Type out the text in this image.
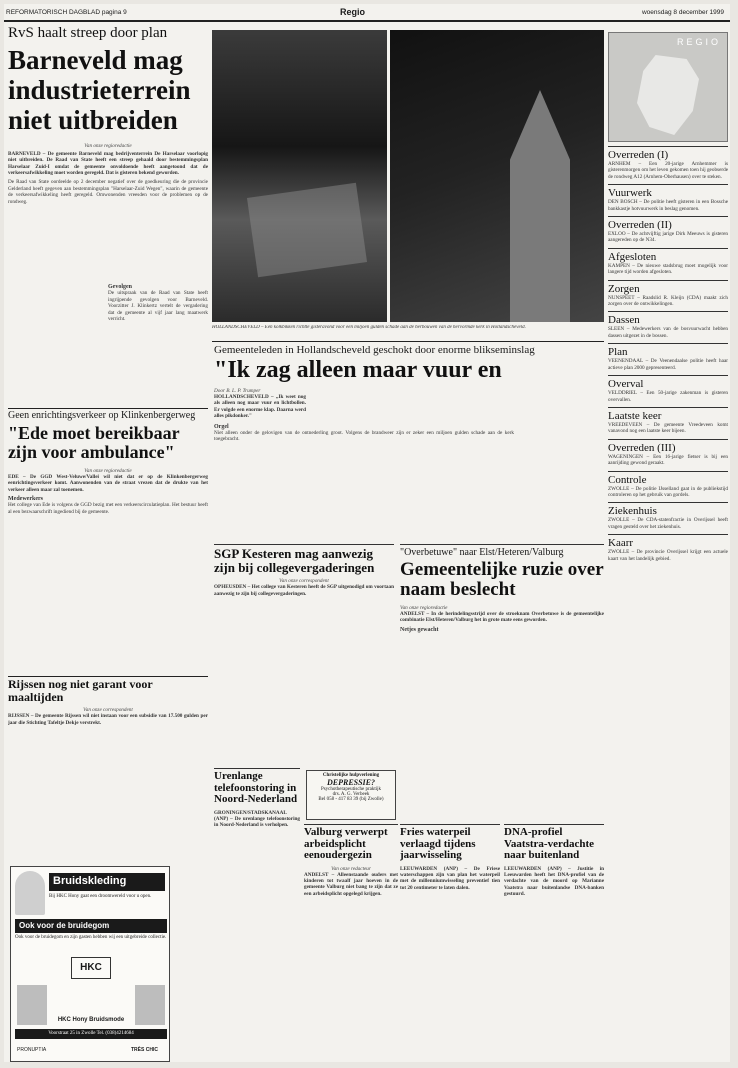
REFORMATORISCH DAGBLAD pagina 9	Regio	woensdag 8 december 1999
RvS haalt streep door plan
Barneveld mag industrieterrein niet uitbreiden
Van onze regioredactie
BARNEVELD – De gemeente Barneveld mag bedrijventerrein De Harselaar voorlopig niet uitbreiden. De Raad van State heeft een streep gehaald door bestemmingsplan Harselaar Zuid-I omdat de gemeente onvoldoende heeft aangetoond dat de verkeersafwikkeling moet worden geregeld. Dat is gisteren bekend geworden.
De Raad van State oordeelde op 2 december negatief over de goedkeuring die de provincie Gelderland heeft gegeven aan bestemmingsplan "Harselaar-Zuid Wegen", waarin de gemeente de verkeersafwikkeling heeft geregeld. Omwonenden vreesden voor de problemen op de rondweg.
Gevolgen
De uitspraak van de Raad van State heeft ingrijpende gevolgen voor Barneveld. Voorzitter J. Klinkertz vertelt de vergadering dat de gemeente al vijf jaar lang maatwerk verricht.
HOLLANDSCHEVELD – Een kolkbikken richtte gisteravond voor een miljoen gulden schade aan de herbouwen van de hervormde kerk in Hollandscheveld.
Gemeenteleden in Hollandscheveld geschokt door enorme blikseminslag
"Ik zag alleen maar vuur en
Door B. L. P. Trumper
HOLLANDSCHEVELD – „Ik weet nog als alleen nog maar vuur en lichtbollen. Er volgde een enorme klap. Daarna werd alles pikdonker."
Orgel
Niet alleen onder de gelovigen van de ontnederling groot. Volgens de brandweer zijn er zeker een miljoen gulden schade aan de kerk toegebracht.
Geen enrichtingsverkeer op Klinkenbergerweg
"Ede moet bereikbaar zijn voor ambulance"
Van onze regioredactie
EDE – De GGD West-Veluwe/Vallei wil niet dat er op de Klinkenbergerweg eenrichtingsverkeer komt. Aanwonenden van de straat vrezen dat de drukte van het verkeer alleen maar zal toenemen.
Medewerkers
Het college van Ede is volgens de GGD bezig met een verkeerscirculatieplan. Het bestuur heeft al een bezwaarschrift ingediend bij de gemeente.
Rijssen nog niet garant voor maaltijden
Van onze correspondent
RIJSSEN – De gemeente Rijssen wil niet instaan voor een subsidie van 17.500 gulden per jaar die Stichting Tafeltje Dekje verstrekt.
Bruidskleding
Bij HKC Hony gaat een droomwereld voor u open.
Ook voor de bruidegom
Ook voor de bruidegom en zijn gasten hebben wij een uitgebreide collectie.
HKC
HKC Hony Bruidsmode
Voorstraat 25 in Zwolle Tel. (038)4214684
PRONUPTIA	TRÈS CHIC
SGP Kesteren mag aanwezig zijn bij collegevergaderingen
Van onze correspondent
OPHEUSDEN – Het college van Kesteren heeft de SGP uitgenodigd om voortaan aanwezig te zijn bij collegevergaderingen.
Urenlange telefoonstoring in Noord-Nederland
GRONINGEN/STADSKANAAL (ANP) – De urenlange telefoonstoring in Noord-Nederland is verholpen.
Christelijke hulpverlening
DEPRESSIE?
Psychotherapeutische praktijk
drs. A. G. Verbeek
Bel 058 - 417 83 39 (bij Zwolle)
Valburg verwerpt arbeidsplicht eenoudergezin
Van onze redacteur
ANDELST – Alleenstaande ouders met kinderen tot twaalf jaar hoeven in de gemeente Valburg niet bang te zijn dat ze een arbeidsplicht opgelegd krijgen.
"Overbetuwe" naar Elst/Heteren/Valburg
Gemeentelijke ruzie over naam beslecht
Van onze regioredactie
ANDELST – In de herindelingsstrijd over de stroeknam Overbetuwe is de gemeentelijke combinatie Elst/Heteren/Valburg het in grote mate eens geworden.
Netjes gewacht
Fries waterpeil verlaagd tijdens jaarwisseling
LEEUWARDEN (ANP) – De Friese waterschappen zijn van plan het waterpeil met de millenniumwisseling preventief tien tot 20 centimeter te laten dalen.
DNA-profiel Vaatstra-verdachte naar buitenland
LEEUWARDEN (ANP) – Justitie in Leeuwarden heeft het DNA-profiel van de verdachte van de moord op Marianne Vaatstra naar buitenlandse DNA-banken gestuurd.
REGIO
Overreden (I)
ARNHEM – Een 20-jarige Arnhemmer is gisterenmorgen om het leven gekomen toen hij geobserde de rondweg A12 (Arnhem-Oberhausen) over te steken.
Vuurwerk
DEN BOSCH – De politie heeft gisteren in een Bossche bankkastje hotvuurwerk in beslag genomen.
Overreden (II)
EXLOO – De achtvijftig jarige Dirk Meeuws is gisteren aangereden op de N34.
Afgesloten
KAMPEN – De nieuwe stadsbrug moet mogelijk voor langere tijd worden afgesloten.
Zorgen
NUNSPEET – Raadslid R. Kleijn (CDA) maakt zich zorgen over de ontwikkelingen.
Dassen
SLEEN – Medewerkers van de bosvuurwacht hebben dassen uitgezet in de bossen.
Plan
VEENENDAAL – De Veenendaalse politie heeft haar actieve plan 2000 gepresenteerd.
Overval
VELDDRIEL – Een 50-jarige zakenman is gisteren overvallen.
Laatste keer
VREEDEVEEN – De gemeente Vreedeveen komt vanavond nog een laatste keer bijeen.
Overreden (III)
WAGENINGEN – Een 16-jarige fietser is bij een aanrijding gewond geraakt.
Controle
ZWOLLE – De politie IJsselland gaat in de publiekstijd controleren op het gebruik van gordels.
Ziekenhuis
ZWOLLE – De CDA-statenfractie in Overijssel heeft vragen gesteld over het ziekenhuis.
Kaarr
ZWOLLE – De provincie Overijssel krijgt een actuele kaart van het landelijk gebied.
